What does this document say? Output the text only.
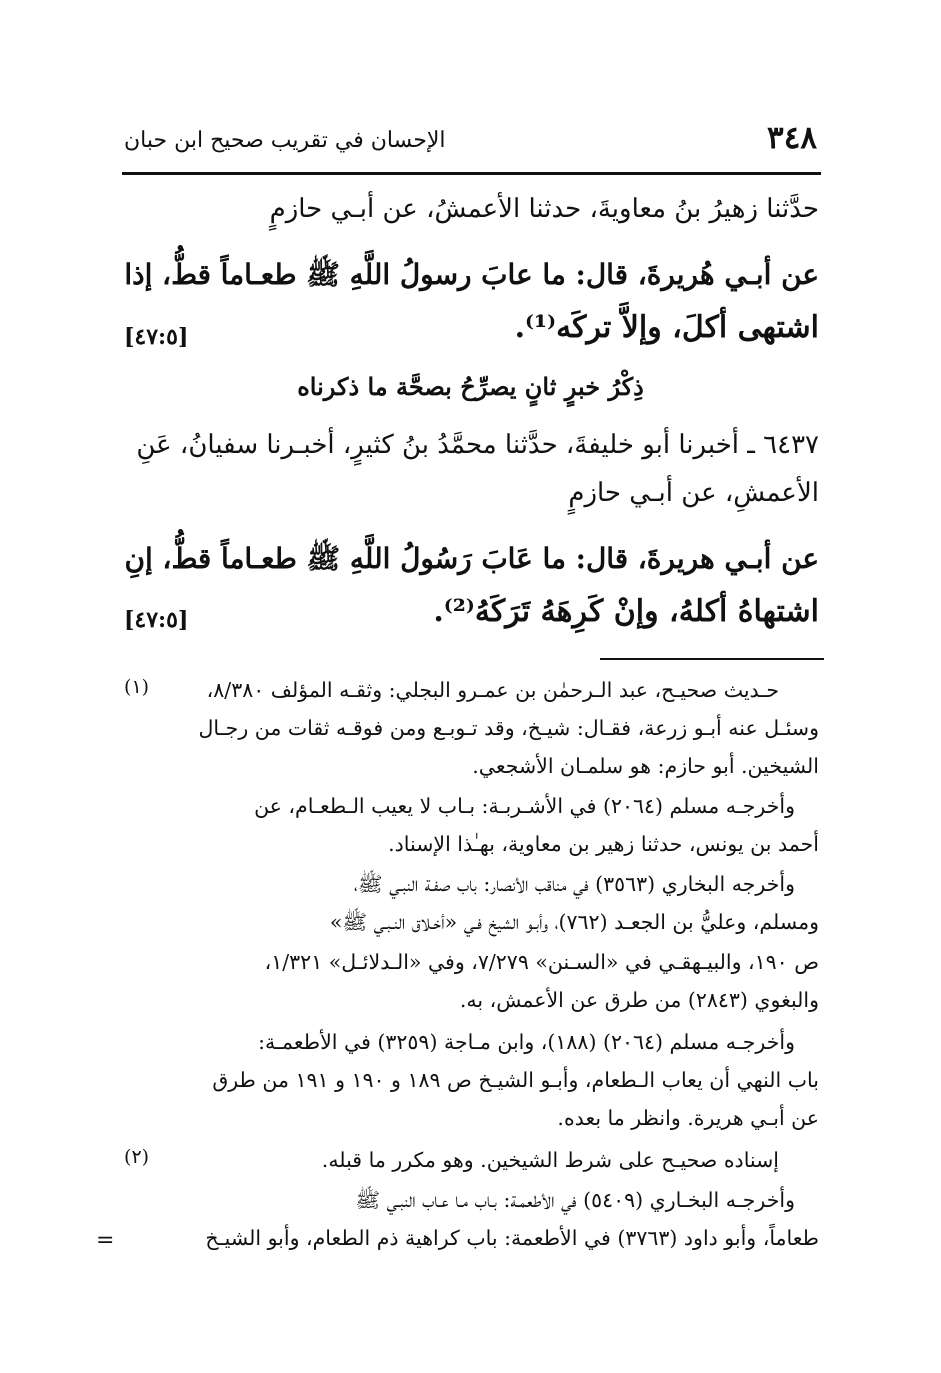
٣٤٨
الإحسان في تقريب صحيح ابن حبان
حدَّثنا زهيرُ بنُ معاويةَ، حدثنا الأعمشُ، عن أبـي حازمٍ
عن أبـي هُريرةَ، قال: ما عابَ رسولُ اللَّهِ ﷺ طعـاماً قطُّ، إذا
اشتهى أكلَ، وإلاَّ تركَه⁽¹⁾.
[٤٧:٥]
ذِكْرُ خبرٍ ثانٍ يصرِّحُ بصحَّة ما ذكرناه
٦٤٣٧ ـ أخبرنا أبو خليفةَ، حدَّثنا محمَّدُ بنُ كثيرٍ، أخبـرنا سفيانُ، عَنِ
الأعمشِ، عن أبـي حازمٍ
عن أبـي هريرةَ، قال: ما عَابَ رَسُولُ اللَّهِ ﷺ طعـاماً قطُّ، إنِ
اشتهاهُ أكلهُ، وإنْ كَرِهَهُ تَرَكَهُ⁽²⁾.
[٤٧:٥]
(١)	حـديث صحيـح، عبد الـرحمٰن بن عمـرو البجلي: وثقـه المؤلف ٨/٣٨٠،
وسئـل عنه أبـو زرعة، فقـال: شيـخ، وقد تـوبـع ومن فوقـه ثقات من رجـال
الشيخين. أبو حازم: هو سلمـان الأشجعي.
وأخرجـه مسلم (٢٠٦٤) في الأشـربـة: بـاب لا يعيب الـطعـام، عن
أحمد بن يونس، حدثنا زهير بن معاوية، بهـٰذا الإسناد.
وأخرجه البخاري (٣٥٦٣) في مناقب الأنصار: باب صفـة النبـي ﷺ،
ومسلم، وعليُّ بن الجعـد (٧٦٢)، وأبـو الشيخ فـي «أخـلاق النـبـي ﷺ»
ص ١٩٠، والبيـهقـي في «السـنن» ٧/٢٧٩، وفي «الـدلائـل» ١/٣٢١،
والبغوي (٢٨٤٣) من طرق عن الأعمش، به.
وأخرجـه مسلم (٢٠٦٤) (١٨٨)، وابن مـاجة (٣٢٥٩) في الأطعمـة:
باب النهي أن يعاب الـطعام، وأبـو الشيـخ ص ١٨٩ و ١٩٠ و ١٩١ من طرق
عن أبـي هريرة. وانظر ما بعده.
(٢)	إسناده صحيـح على شرط الشيخين. وهو مكرر ما قبله.
وأخرجـه البخـاري (٥٤٠٩) في الأطعمـة: بـاب مـا عـاب النبـي ﷺ
طعاماً، وأبو داود (٣٧٦٣) في الأطعمة: باب كراهية ذم الطعام، وأبو الشيـخ
=
